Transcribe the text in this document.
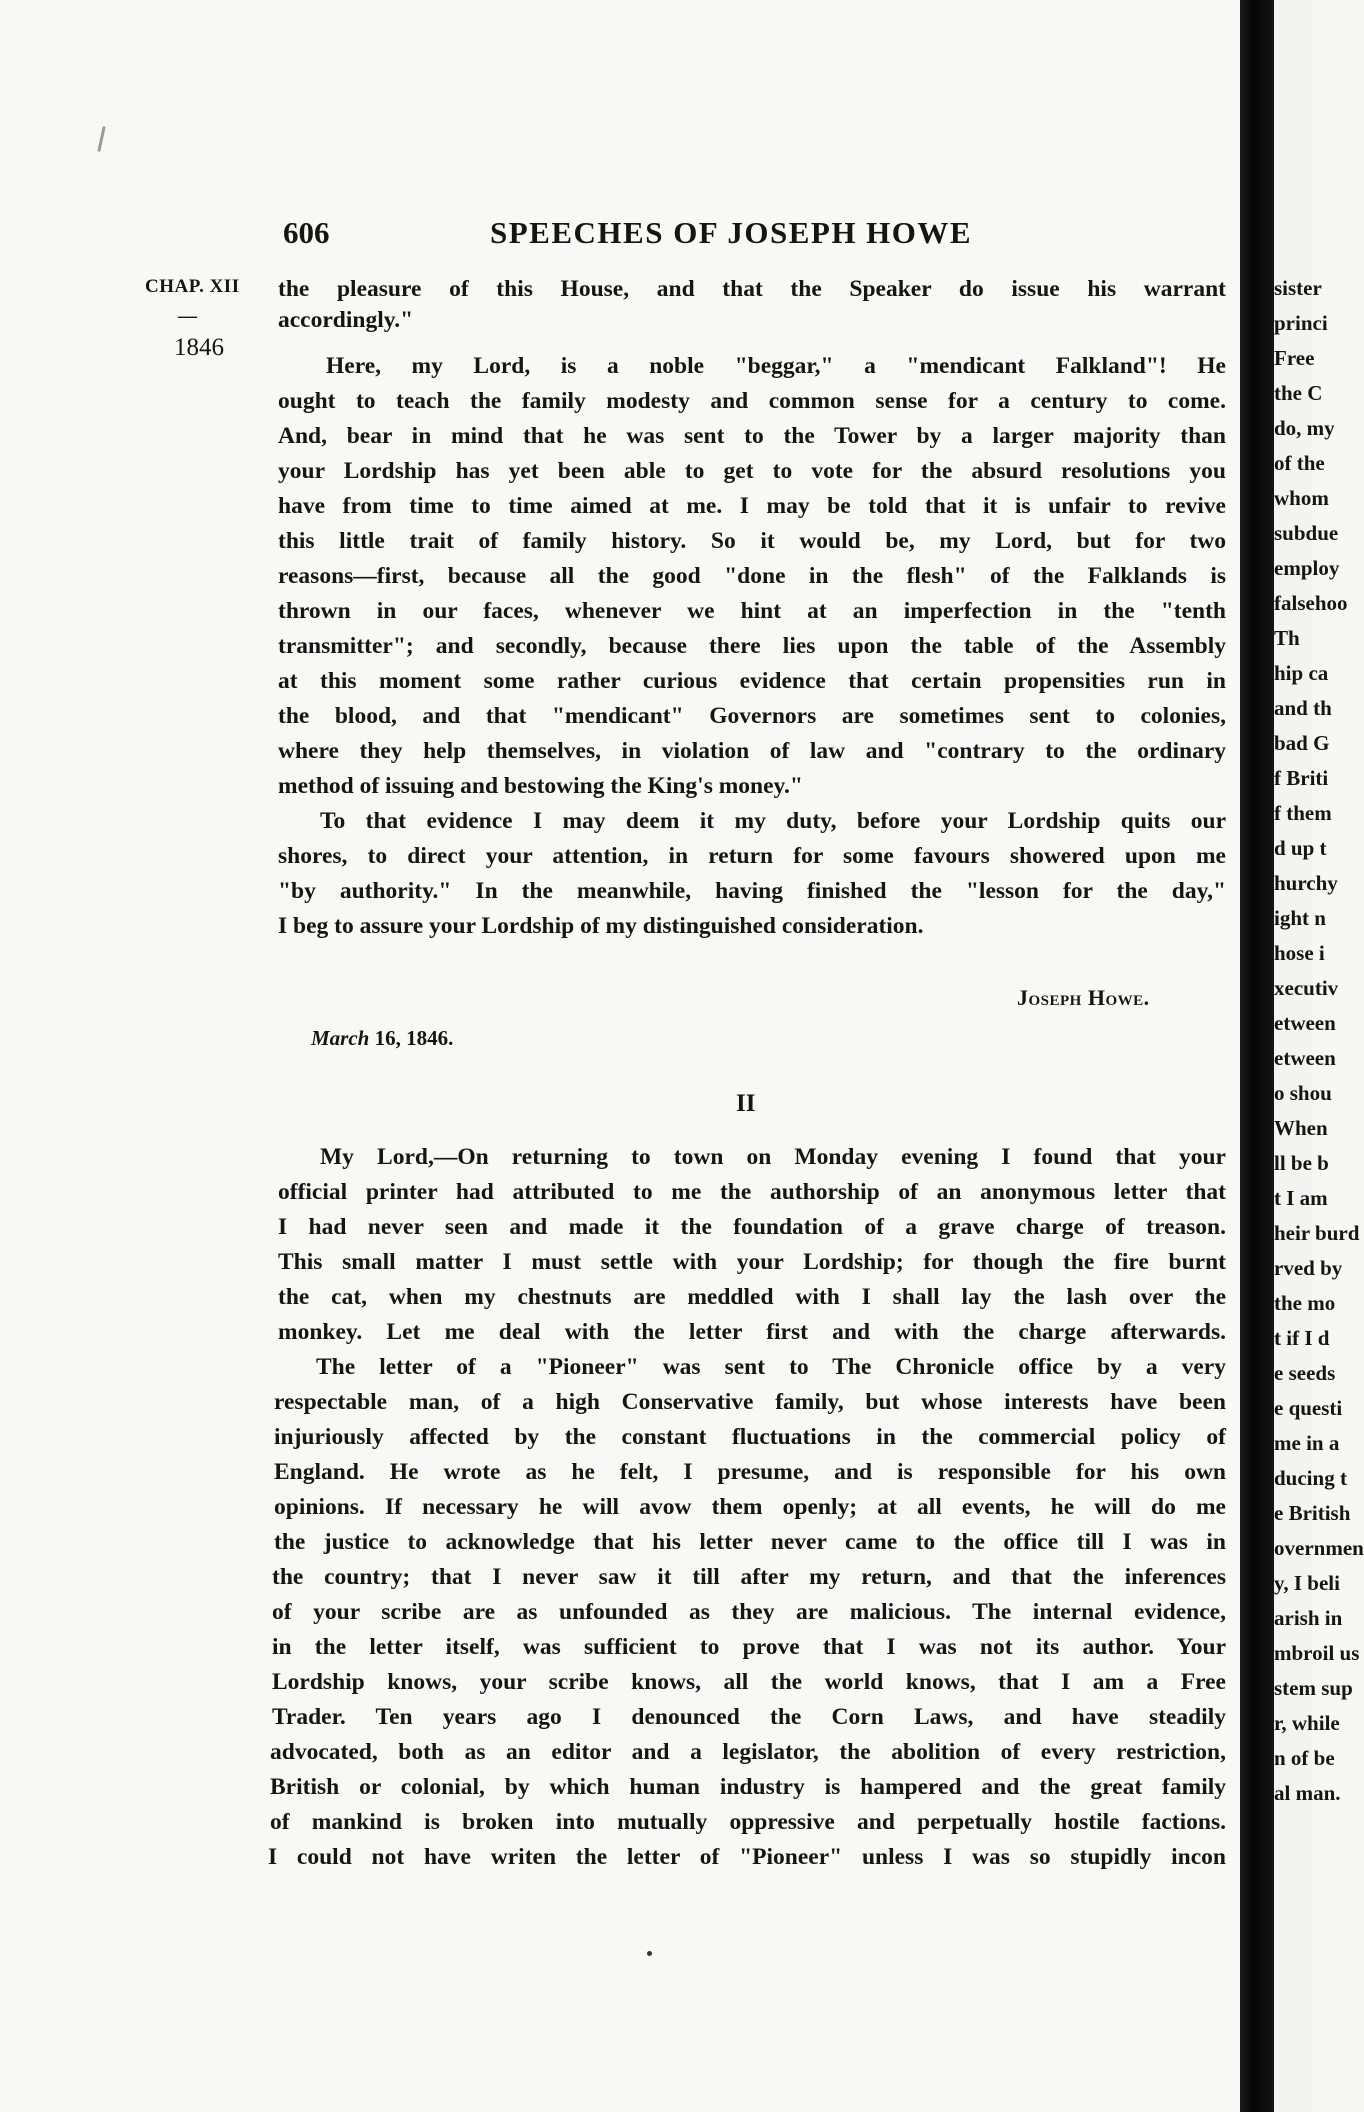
606	SPEECHES OF JOSEPH HOWE
CHAP. XII
—
1846
the pleasure of this House, and that the Speaker do issue his warrant
accordingly."
Here, my Lord, is a noble "beggar," a "mendicant Falkland"! He
ought to teach the family modesty and common sense for a century to come.
And, bear in mind that he was sent to the Tower by a larger majority than
your Lordship has yet been able to get to vote for the absurd resolutions you
have from time to time aimed at me. I may be told that it is unfair to revive
this little trait of family history. So it would be, my Lord, but for two
reasons—first, because all the good "done in the flesh" of the Falklands is
thrown in our faces, whenever we hint at an imperfection in the "tenth
transmitter"; and secondly, because there lies upon the table of the Assembly
at this moment some rather curious evidence that certain propensities run in
the blood, and that "mendicant" Governors are sometimes sent to colonies,
where they help themselves, in violation of law and "contrary to the ordinary
method of issuing and bestowing the King's money."
To that evidence I may deem it my duty, before your Lordship quits our
shores, to direct your attention, in return for some favours showered upon me
"by authority." In the meanwhile, having finished the "lesson for the day,"
I beg to assure your Lordship of my distinguished consideration.
Joseph Howe.
March 16, 1846.
II
My Lord,—On returning to town on Monday evening I found that your
official printer had attributed to me the authorship of an anonymous letter that
I had never seen and made it the foundation of a grave charge of treason.
This small matter I must settle with your Lordship; for though the fire burnt
the cat, when my chestnuts are meddled with I shall lay the lash over the
monkey. Let me deal with the letter first and with the charge afterwards.
The letter of a "Pioneer" was sent to The Chronicle office by a very
respectable man, of a high Conservative family, but whose interests have been
injuriously affected by the constant fluctuations in the commercial policy of
England. He wrote as he felt, I presume, and is responsible for his own
opinions. If necessary he will avow them openly; at all events, he will do me
the justice to acknowledge that his letter never came to the office till I was in
the country; that I never saw it till after my return, and that the inferences
of your scribe are as unfounded as they are malicious. The internal evidence,
in the letter itself, was sufficient to prove that I was not its author. Your
Lordship knows, your scribe knows, all the world knows, that I am a Free
Trader. Ten years ago I denounced the Corn Laws, and have steadily
advocated, both as an editor and a legislator, the abolition of every restriction,
British or colonial, by which human industry is hampered and the great family
of mankind is broken into mutually oppressive and perpetually hostile factions.
I could not have writen the letter of "Pioneer" unless I was so stupidly incon
sister
princi
Free
the C
do, my
of the
whom
subdue
employ
falsehoo
Th
hip ca
and th
bad G
f Briti
f them
d up t
hurchy
ight n
hose i
xecutiv
etween
etween
o shou
When
ll be b
t I am
heir burd
rved by
the mo
t if I d
e seeds
e questi
me in a
ducing t
e British
overnmen
y, I beli
arish in
mbroil us
stem sup
r, while
n of be
al man.
